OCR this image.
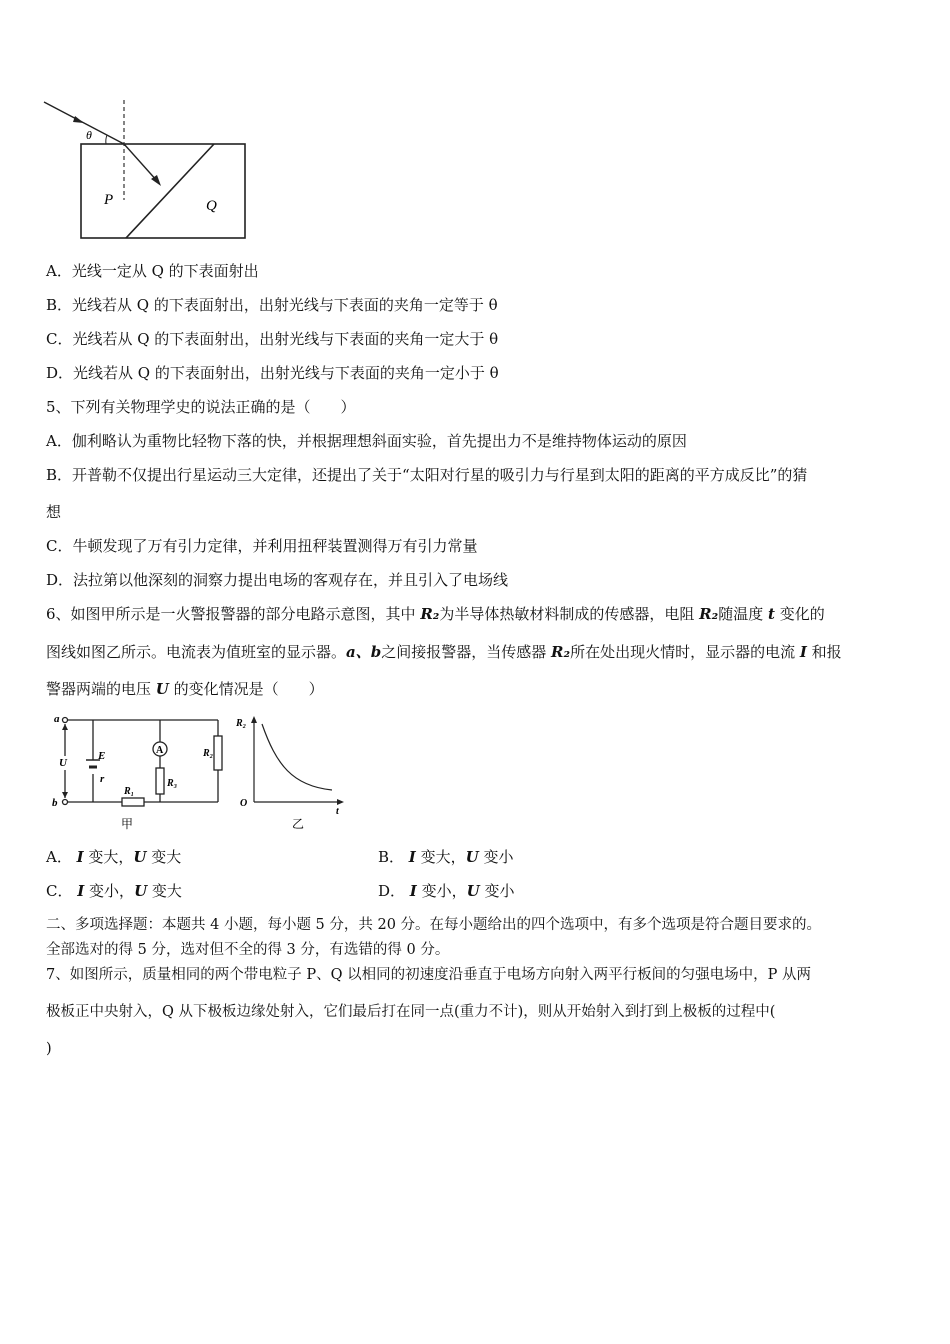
θ
P	Q
A．光线一定从 Q 的下表面射出
B．光线若从 Q 的下表面射出，出射光线与下表面的夹角一定等于 θ
C．光线若从 Q 的下表面射出，出射光线与下表面的夹角一定大于 θ
D．光线若从 Q 的下表面射出，出射光线与下表面的夹角一定小于 θ
5、下列有关物理学史的说法正确的是（　　）
A．伽利略认为重物比轻物下落的快，并根据理想斜面实验，首先提出力不是维持物体运动的原因
B．开普勒不仅提出行星运动三大定律，还提出了关于“太阳对行星的吸引力与行星到太阳的距离的平方成反比”的猜
想
C．牛顿发现了万有引力定律，并利用扭秤装置测得万有引力常量
D．法拉第以他深刻的洞察力提出电场的客观存在，并且引入了电场线
6、如图甲所示是一火警报警器的部分电路示意图，其中 R₂为半导体热敏材料制成的传感器，电阻 R₂随温度 t 变化的
图线如图乙所示。电流表为值班室的显示器。a、b之间接报警器，当传感器 R₂所在处出现火情时，显示器的电流 I 和报
警器两端的电压 U 的变化情况是（　　）
a
b
U
E
r
A	R₂
R₃
R₁
甲
R₂
O
t
乙
A． I 变大，U 变大	B． I 变大，U 变小
C． I 变小，U 变大	D． I 变小，U 变小
二、多项选择题：本题共 4 小题，每小题 5 分，共 20 分。在每小题给出的四个选项中，有多个选项是符合题目要求的。
全部选对的得 5 分，选对但不全的得 3 分，有选错的得 0 分。
7、如图所示，质量相同的两个带电粒子 P、Q 以相同的初速度沿垂直于电场方向射入两平行板间的匀强电场中，P 从两
极板正中央射入，Q 从下极板边缘处射入，它们最后打在同一点(重力不计)，则从开始射入到打到上极板的过程中(
)
